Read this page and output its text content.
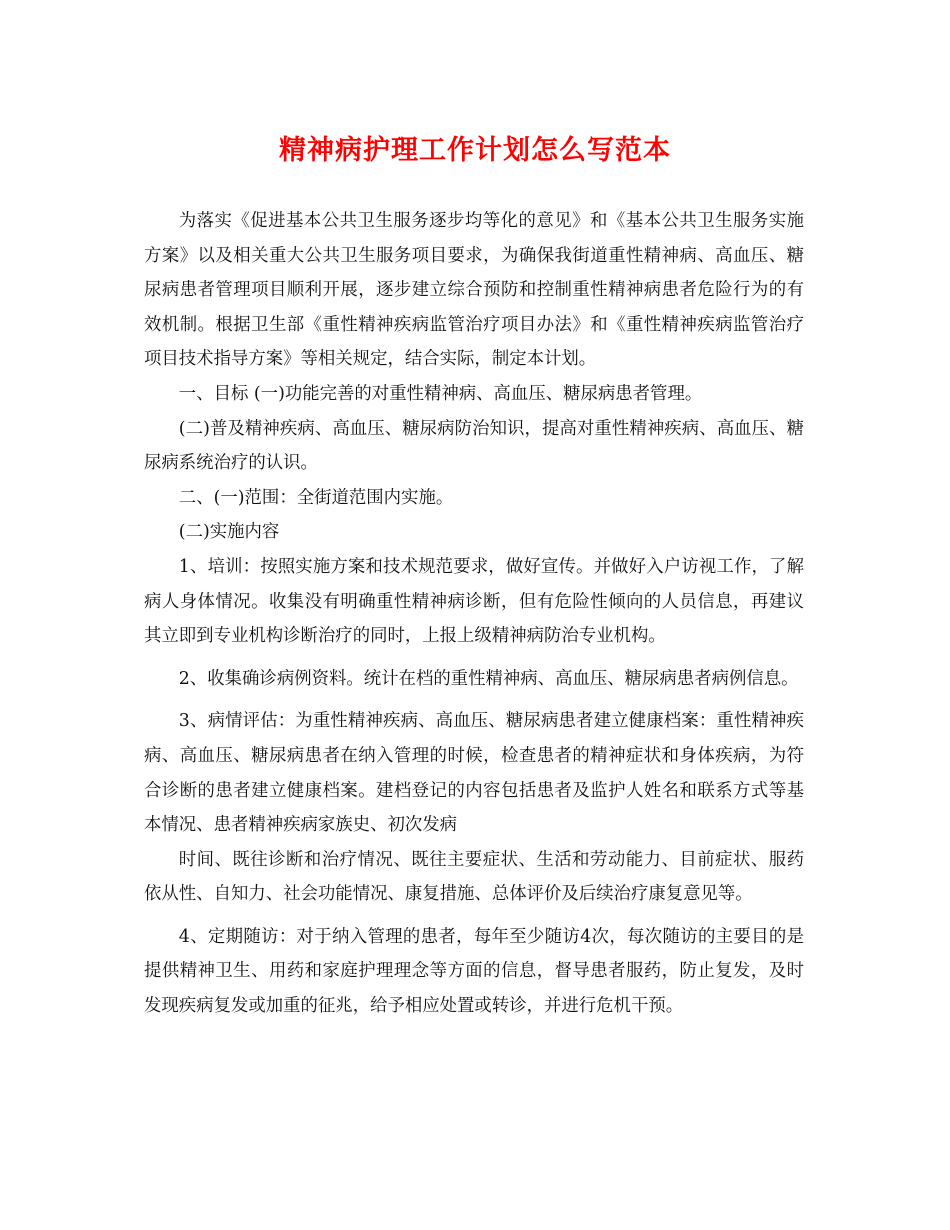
精神病护理工作计划怎么写范本

为落实《促进基本公共卫生服务逐步均等化的意见》和《基本公共卫生服务实施方案》以及相关重大公共卫生服务项目要求，为确保我街道重性精神病、高血压、糖尿病患者管理项目顺利开展，逐步建立综合预防和控制重性精神病患者危险行为的有效机制。根据卫生部《重性精神疾病监管治疗项目办法》和《重性精神疾病监管治疗项目技术指导方案》等相关规定，结合实际，制定本计划。

一、目标 (一)功能完善的对重性精神病、高血压、糖尿病患者管理。

(二)普及精神疾病、高血压、糖尿病防治知识，提高对重性精神疾病、高血压、糖尿病系统治疗的认识。

二、(一)范围：全街道范围内实施。

(二)实施内容

1、培训：按照实施方案和技术规范要求，做好宣传。并做好入户访视工作，了解病人身体情况。收集没有明确重性精神病诊断，但有危险性倾向的人员信息，再建议其立即到专业机构诊断治疗的同时，上报上级精神病防治专业机构。

2、收集确诊病例资料。统计在档的重性精神病、高血压、糖尿病患者病例信息。

3、病情评估：为重性精神疾病、高血压、糖尿病患者建立健康档案：重性精神疾病、高血压、糖尿病患者在纳入管理的时候，检查患者的精神症状和身体疾病，为符合诊断的患者建立健康档案。建档登记的内容包括患者及监护人姓名和联系方式等基本情况、患者精神疾病家族史、初次发病

时间、既往诊断和治疗情况、既往主要症状、生活和劳动能力、目前症状、服药依从性、自知力、社会功能情况、康复措施、总体评价及后续治疗康复意见等。

4、定期随访：对于纳入管理的患者，每年至少随访4次，每次随访的主要目的是提供精神卫生、用药和家庭护理理念等方面的信息，督导患者服药，防止复发，及时发现疾病复发或加重的征兆，给予相应处置或转诊，并进行危机干预。
